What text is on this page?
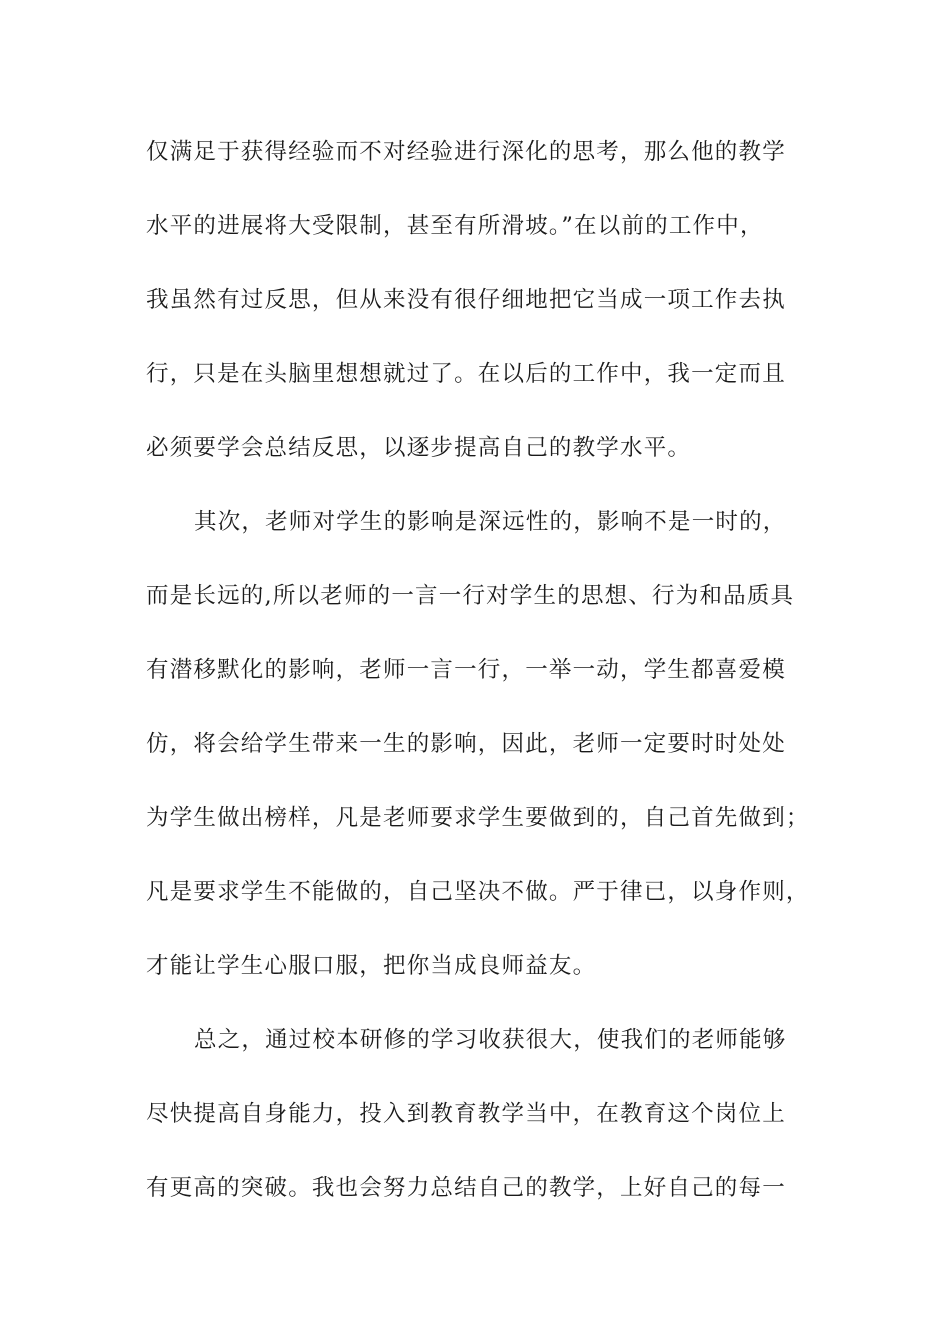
仅满足于获得经验而不对经验进行深化的思考，那么他的教学
水平的进展将大受限制，甚至有所滑坡。”在以前的工作中，
我虽然有过反思，但从来没有很仔细地把它当成一项工作去执
行，只是在头脑里想想就过了。在以后的工作中，我一定而且
必须要学会总结反思，以逐步提高自己的教学水平。
其次，老师对学生的影响是深远性的，影响不是一时的，
而是长远的,所以老师的一言一行对学生的思想、行为和品质具
有潜移默化的影响，老师一言一行，一举一动，学生都喜爱模
仿，将会给学生带来一生的影响，因此，老师一定要时时处处
为学生做出榜样，凡是老师要求学生要做到的，自己首先做到；
凡是要求学生不能做的，自己坚决不做。严于律已，以身作则，
才能让学生心服口服，把你当成良师益友。
总之，通过校本研修的学习收获很大，使我们的老师能够
尽快提高自身能力，投入到教育教学当中，在教育这个岗位上
有更高的突破。我也会努力总结自己的教学，上好自己的每一
